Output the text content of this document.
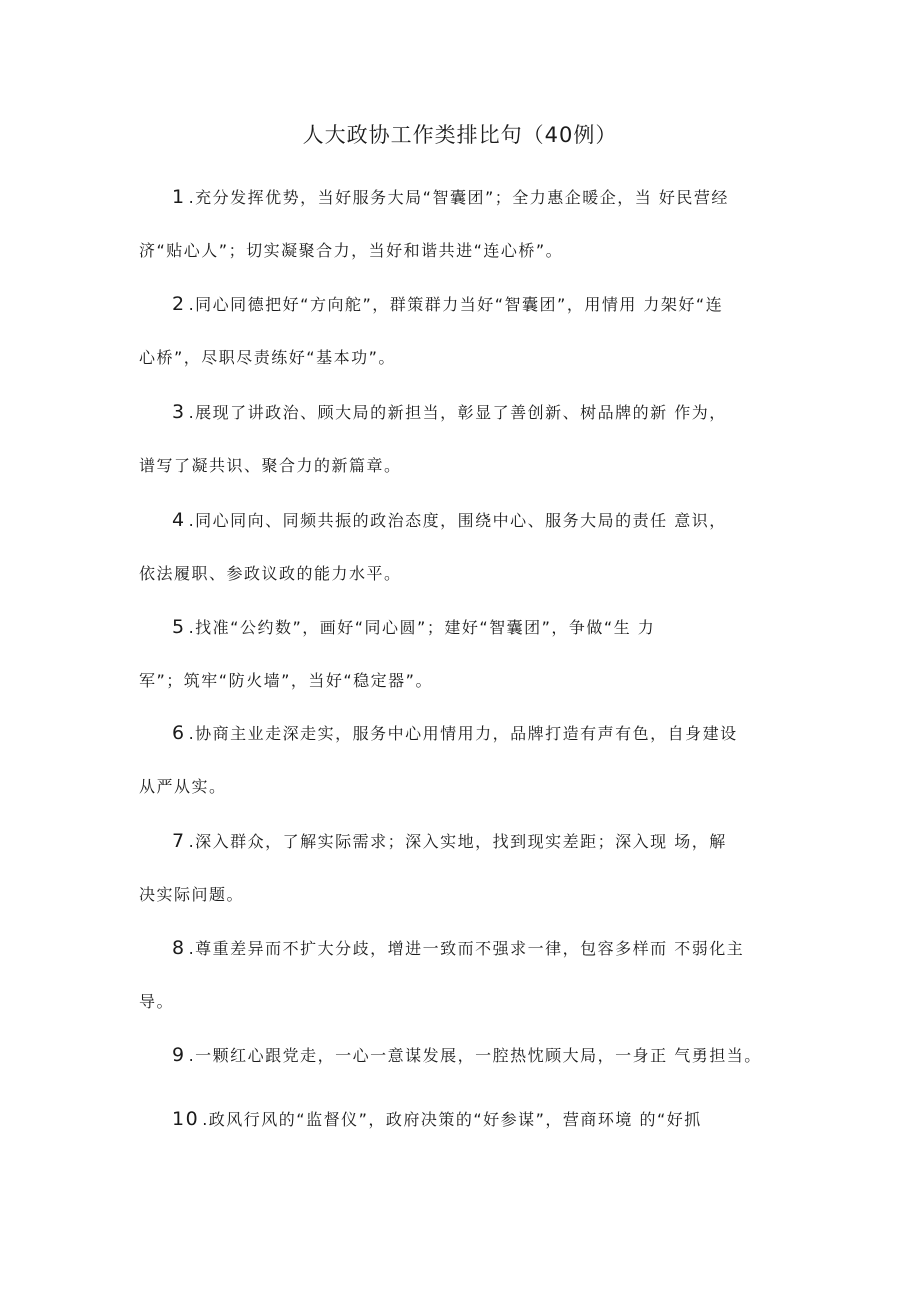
人大政协工作类排比句（40例）
1 .充分发挥优势，当好服务大局“智囊团”；全力惠企暖企，当 好民营经
济“贴心人”；切实凝聚合力，当好和谐共进“连心桥”。
2 .同心同德把好“方向舵”，群策群力当好“智囊团”，用情用 力架好“连
心桥”，尽职尽责练好“基本功”。
3 .展现了讲政治、顾大局的新担当，彰显了善创新、树品牌的新 作为，
谱写了凝共识、聚合力的新篇章。
4 .同心同向、同频共振的政治态度，围绕中心、服务大局的责任 意识，
依法履职、参政议政的能力水平。
5 .找准“公约数”，画好“同心圆”；建好“智囊团”，争做“生 力
军”；筑牢“防火墙”，当好“稳定器”。
6 .协商主业走深走实，服务中心用情用力，品牌打造有声有色，自身建设
从严从实。
7 .深入群众，了解实际需求；深入实地，找到现实差距；深入现 场，解
决实际问题。
8 .尊重差异而不扩大分歧，增进一致而不强求一律，包容多样而 不弱化主
导。
9 .一颗红心跟党走，一心一意谋发展，一腔热忱顾大局，一身正 气勇担当。
10 .政风行风的“监督仪”，政府决策的“好参谋”，营商环境 的“好抓
